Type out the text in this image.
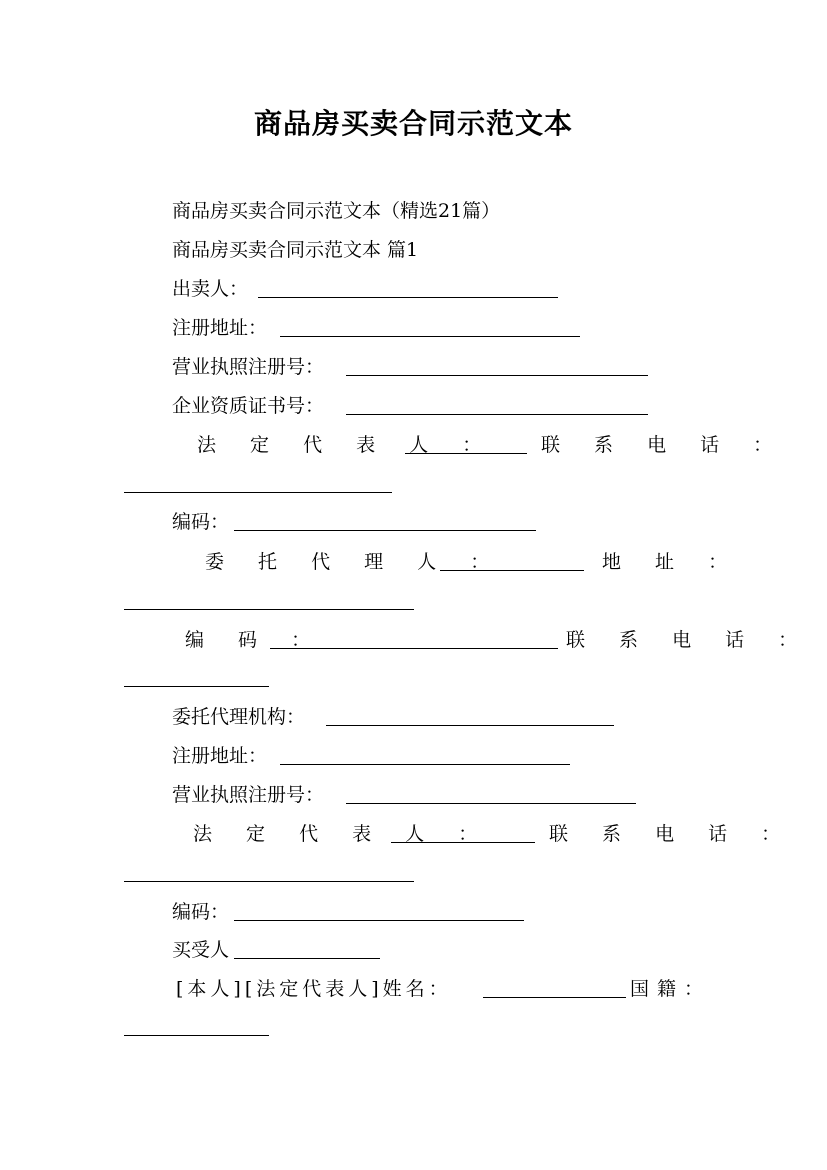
商品房买卖合同示范文本
商品房买卖合同示范文本（精选21篇）
商品房买卖合同示范文本 篇1
出卖人：
注册地址：
营业执照注册号：
企业资质证书号：
法 定 代 表 人 ： 联 系 电 话 ：
编码：
委 托 代 理 人 ：	地 址 ：
编 码 ：	联 系 电 话 ：
委托代理机构：
注册地址：
营业执照注册号：
法 定 代 表 人 ：	联 系 电 话 ：
编码：
买受人
[本人][法定代表人]姓名：	国籍：
